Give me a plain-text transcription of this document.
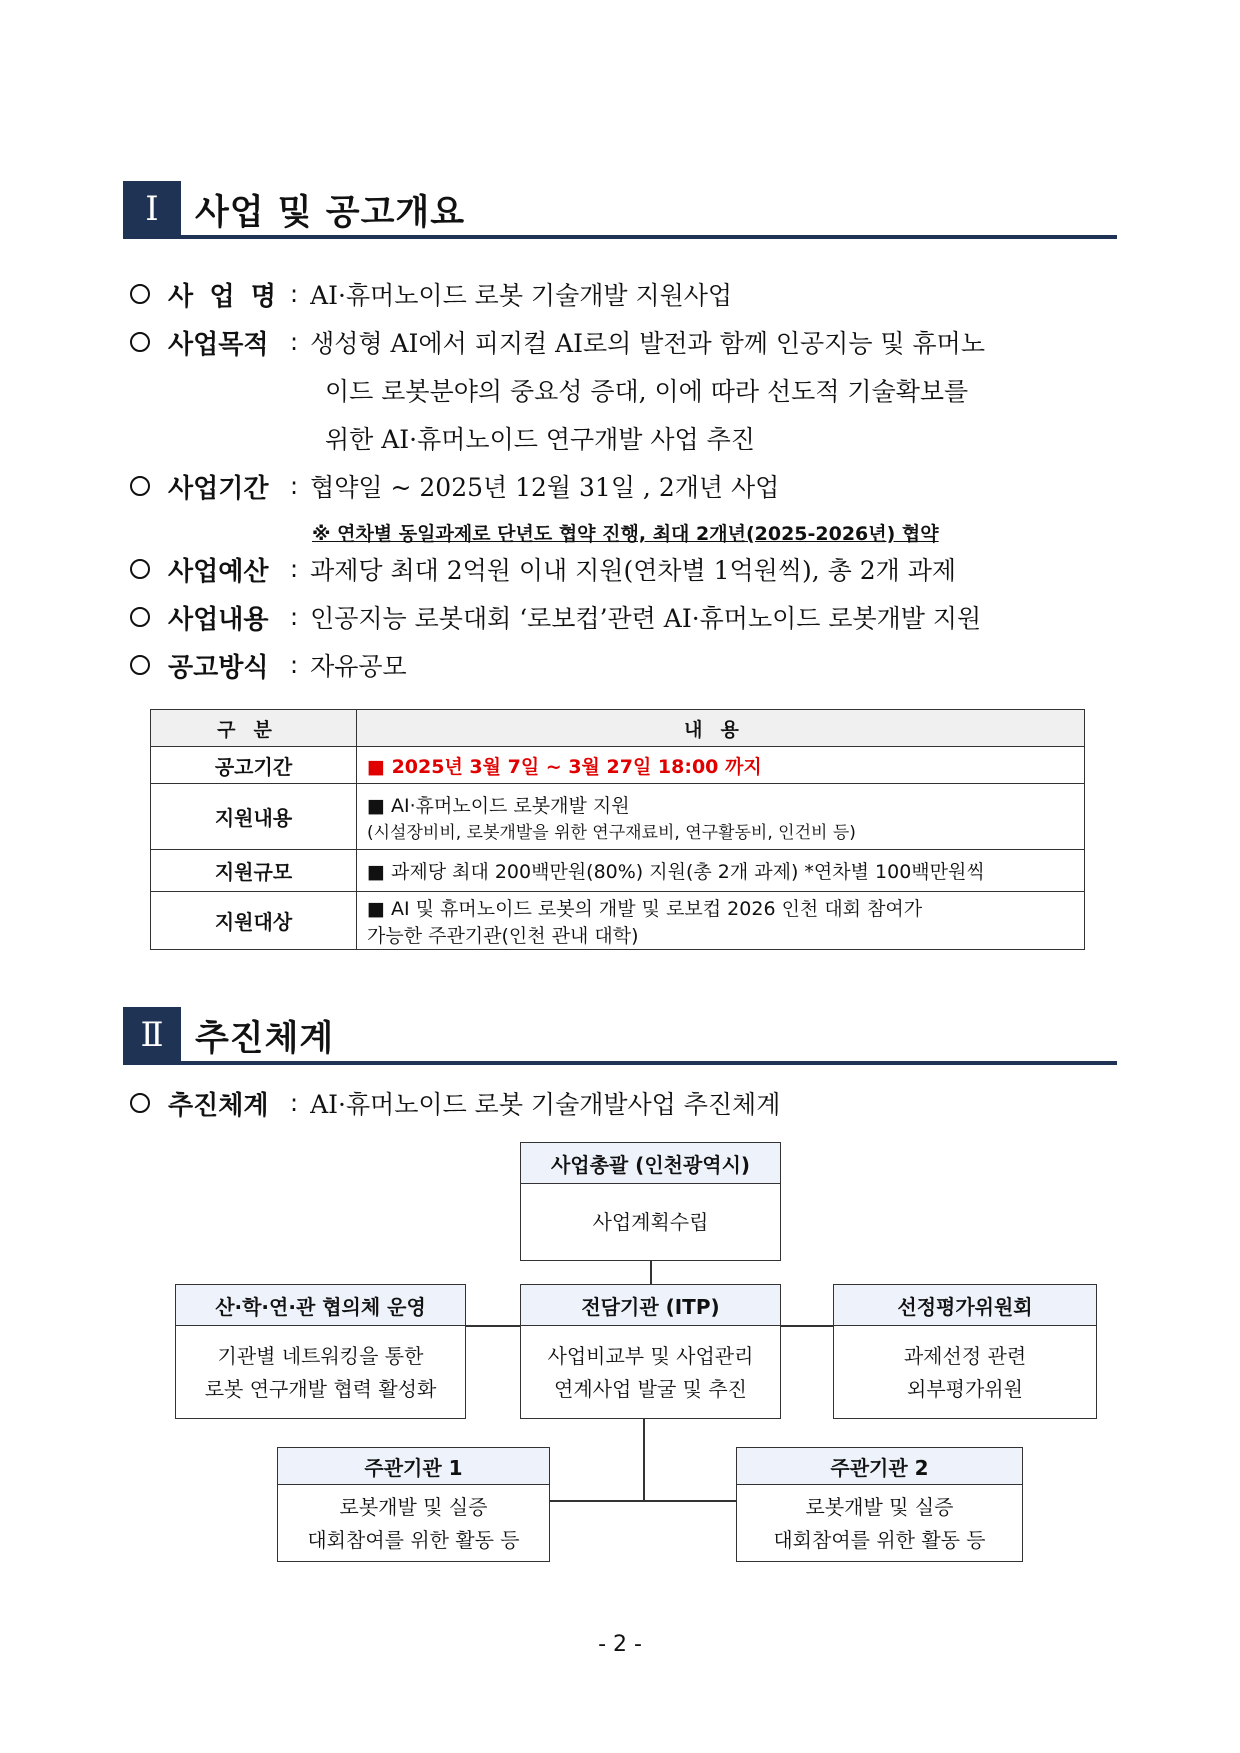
Ⅰ	사업 및 공고개요
사 업 명 : AI·휴머노이드 로봇 기술개발 지원사업
사업목적 : 생성형 AI에서 피지컬 AI로의 발전과 함께 인공지능 및 휴머노
이드 로봇분야의 중요성 증대, 이에 따라 선도적 기술확보를
위한 AI·휴머노이드 연구개발 사업 추진
사업기간 : 협약일 ~ 2025년 12월 31일 , 2개년 사업
※ 연차별 동일과제로 단년도 협약 진행, 최대 2개년(2025-2026년) 협약
사업예산 : 과제당 최대 2억원 이내 지원(연차별 1억원씩), 총 2개 과제
사업내용 : 인공지능 로봇대회 ‘로보컵’관련 AI·휴머노이드 로봇개발 지원
공고방식 : 자유공모
구분	내용
공고기간	■ 2025년 3월 7일 ~ 3월 27일 18:00 까지
지원내용	■ AI·휴머노이드 로봇개발 지원
(시설장비비, 로봇개발을 위한 연구재료비, 연구활동비, 인건비 등)

지원규모	■ 과제당 최대 200백만원(80%) 지원(총 2개 과제) *연차별 100백만원씩
지원대상	■ AI 및 휴머노이드 로봇의 개발 및 로보컵 2026 인천 대회 참여가
가능한 주관기관(인천 관내 대학)
Ⅱ 추진체계
추진체계 : AI·휴머노이드 로봇 기술개발사업 추진체계
사업총괄 (인천광역시)
사업계획수립
산·학·연·관 협의체 운영
기관별 네트워킹을 통한
로봇 연구개발 협력 활성화
전담기관 (ITP)
사업비교부 및 사업관리
연계사업 발굴 및 추진
선정평가위원회
과제선정 관련
외부평가위원
주관기관 1
로봇개발 및 실증
대회참여를 위한 활동 등
주관기관 2
로봇개발 및 실증
대회참여를 위한 활동 등
- 2 -
